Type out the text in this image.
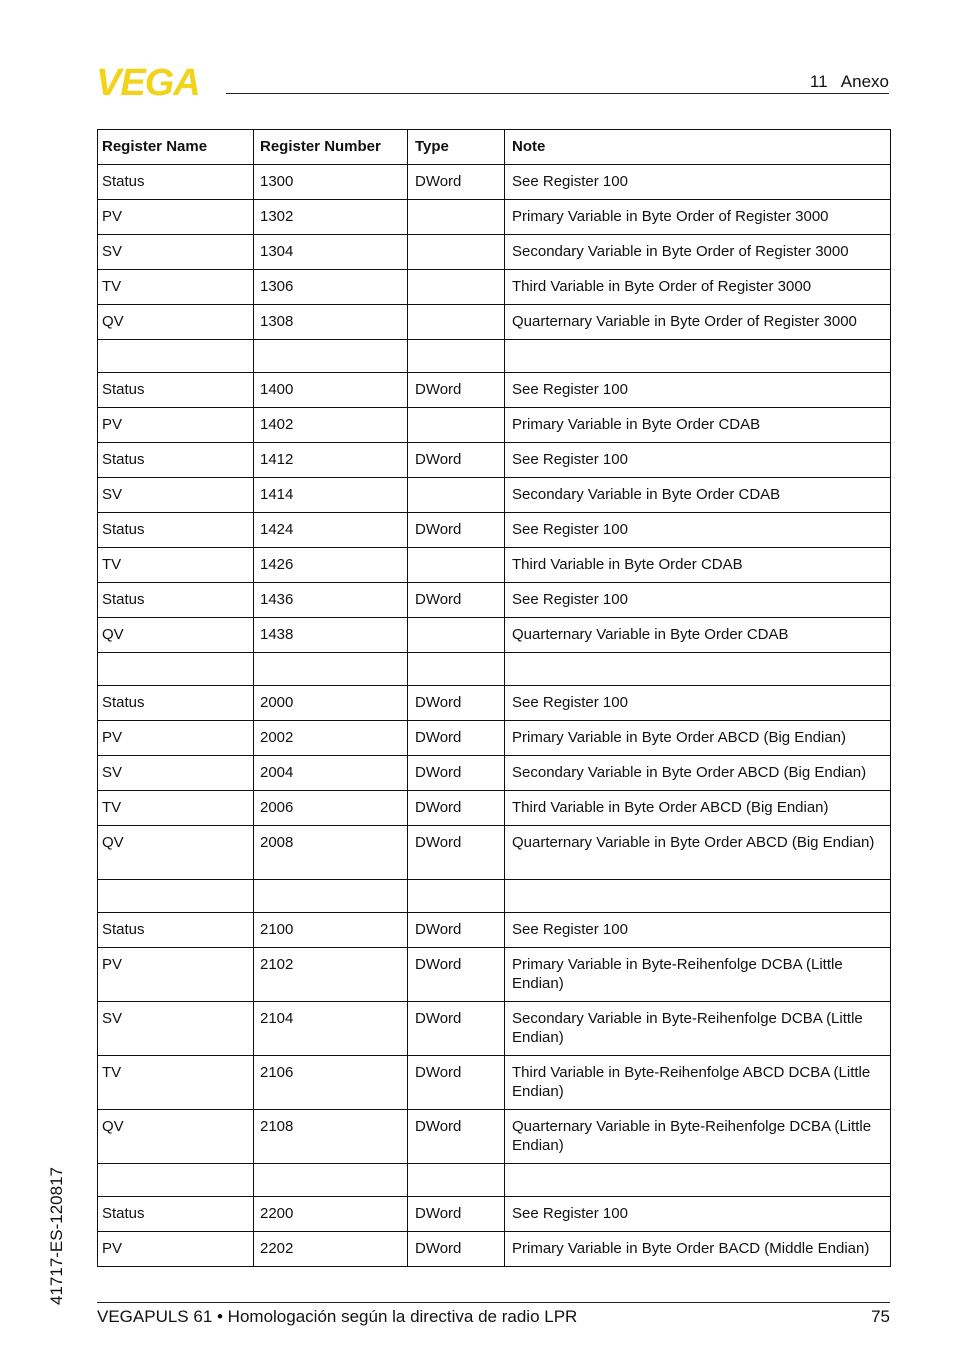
VEGA	11   Anexo
Register Name	Register Number	Type	Note
Status	1300	DWord	See Register 100
PV	1302		Primary Variable in Byte Order of Register 3000
SV	1304		Secondary Variable in Byte Order of Register 3000
TV	1306		Third Variable in Byte Order of Register 3000
QV	1308		Quarternary Variable in Byte Order of Register 3000

Status	1400	DWord	See Register 100
PV	1402		Primary Variable in Byte Order CDAB
Status	1412	DWord	See Register 100
SV	1414		Secondary Variable in Byte Order CDAB
Status	1424	DWord	See Register 100
TV	1426		Third Variable in Byte Order CDAB
Status	1436	DWord	See Register 100
QV	1438		Quarternary Variable in Byte Order CDAB

Status	2000	DWord	See Register 100
PV	2002	DWord	Primary Variable in Byte Order ABCD (Big Endian)
SV	2004	DWord	Secondary Variable in Byte Order ABCD (Big Endian)
TV	2006	DWord	Third Variable in Byte Order ABCD (Big Endian)
QV	2008	DWord	Quarternary Variable in Byte Order ABCD (Big Endian)

Status	2100	DWord	See Register 100
PV	2102	DWord	Primary Variable in Byte-Reihenfolge DCBA (Little Endian)
SV	2104	DWord	Secondary Variable in Byte-Reihenfolge DCBA (Little Endian)
TV	2106	DWord	Third Variable in Byte-Reihenfolge ABCD DCBA (Little Endian)
QV	2108	DWord	Quarternary Variable in Byte-Reihenfolge DCBA (Little Endian)

Status	2200	DWord	See Register 100
PV	2202	DWord	Primary Variable in Byte Order BACD (Middle Endian)
41717-ES-120817
VEGAPULS 61 • Homologación según la directiva de radio LPR	75
